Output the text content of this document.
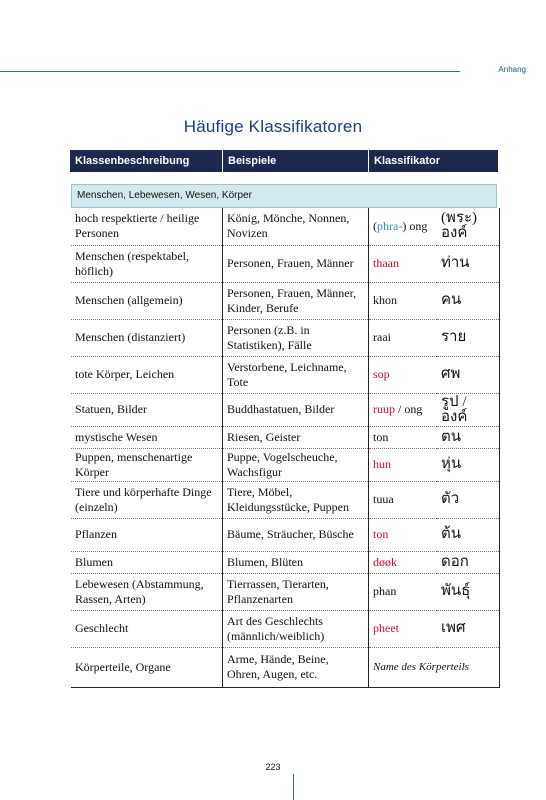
Anhang
Häufige Klassifikatoren
Klassenbeschreibung	Beispiele	Klassifikator
Menschen, Lebewesen, Wesen, Körper
hoch respektierte / heilige Personen	König, Mönche, Nonnen, Novizen	(phra-) ong	(พระ) องค์
Menschen (respektabel, höflich)	Personen, Frauen, Männer	thaan	ท่าน
Menschen (allgemein)	Personen, Frauen, Männer, Kinder, Berufe	khon	คน
Menschen (distanziert)	Personen (z.B. in Statistiken), Fälle	raai	ราย
tote Körper, Leichen	Verstorbene, Leichname, Tote	sop	ศพ
Statuen, Bilder	Buddhastatuen, Bilder	ruup / ong	รูป / องค์
mystische Wesen	Riesen, Geister	ton	ตน
Puppen, menschenartige Körper	Puppe, Vogelscheuche, Wachsfigur	hun	หุ่น
Tiere und körperhafte Dinge (einzeln)	Tiere, Möbel, Kleidungsstücke, Puppen	tuua	ตัว
Pflanzen	Bäume, Sträucher, Büsche	ton	ต้น
Blumen	Blumen, Blüten	døøk	ดอก
Lebewesen (Abstammung, Rassen, Arten)	Tierrassen, Tierarten, Pflanzenarten	phan	พันธุ์
Geschlecht	Art des Geschlechts (männlich/weiblich)	pheet	เพศ
Körperteile, Organe	Arme, Hände, Beine, Ohren, Augen, etc.	Name des Körperteils	
223
